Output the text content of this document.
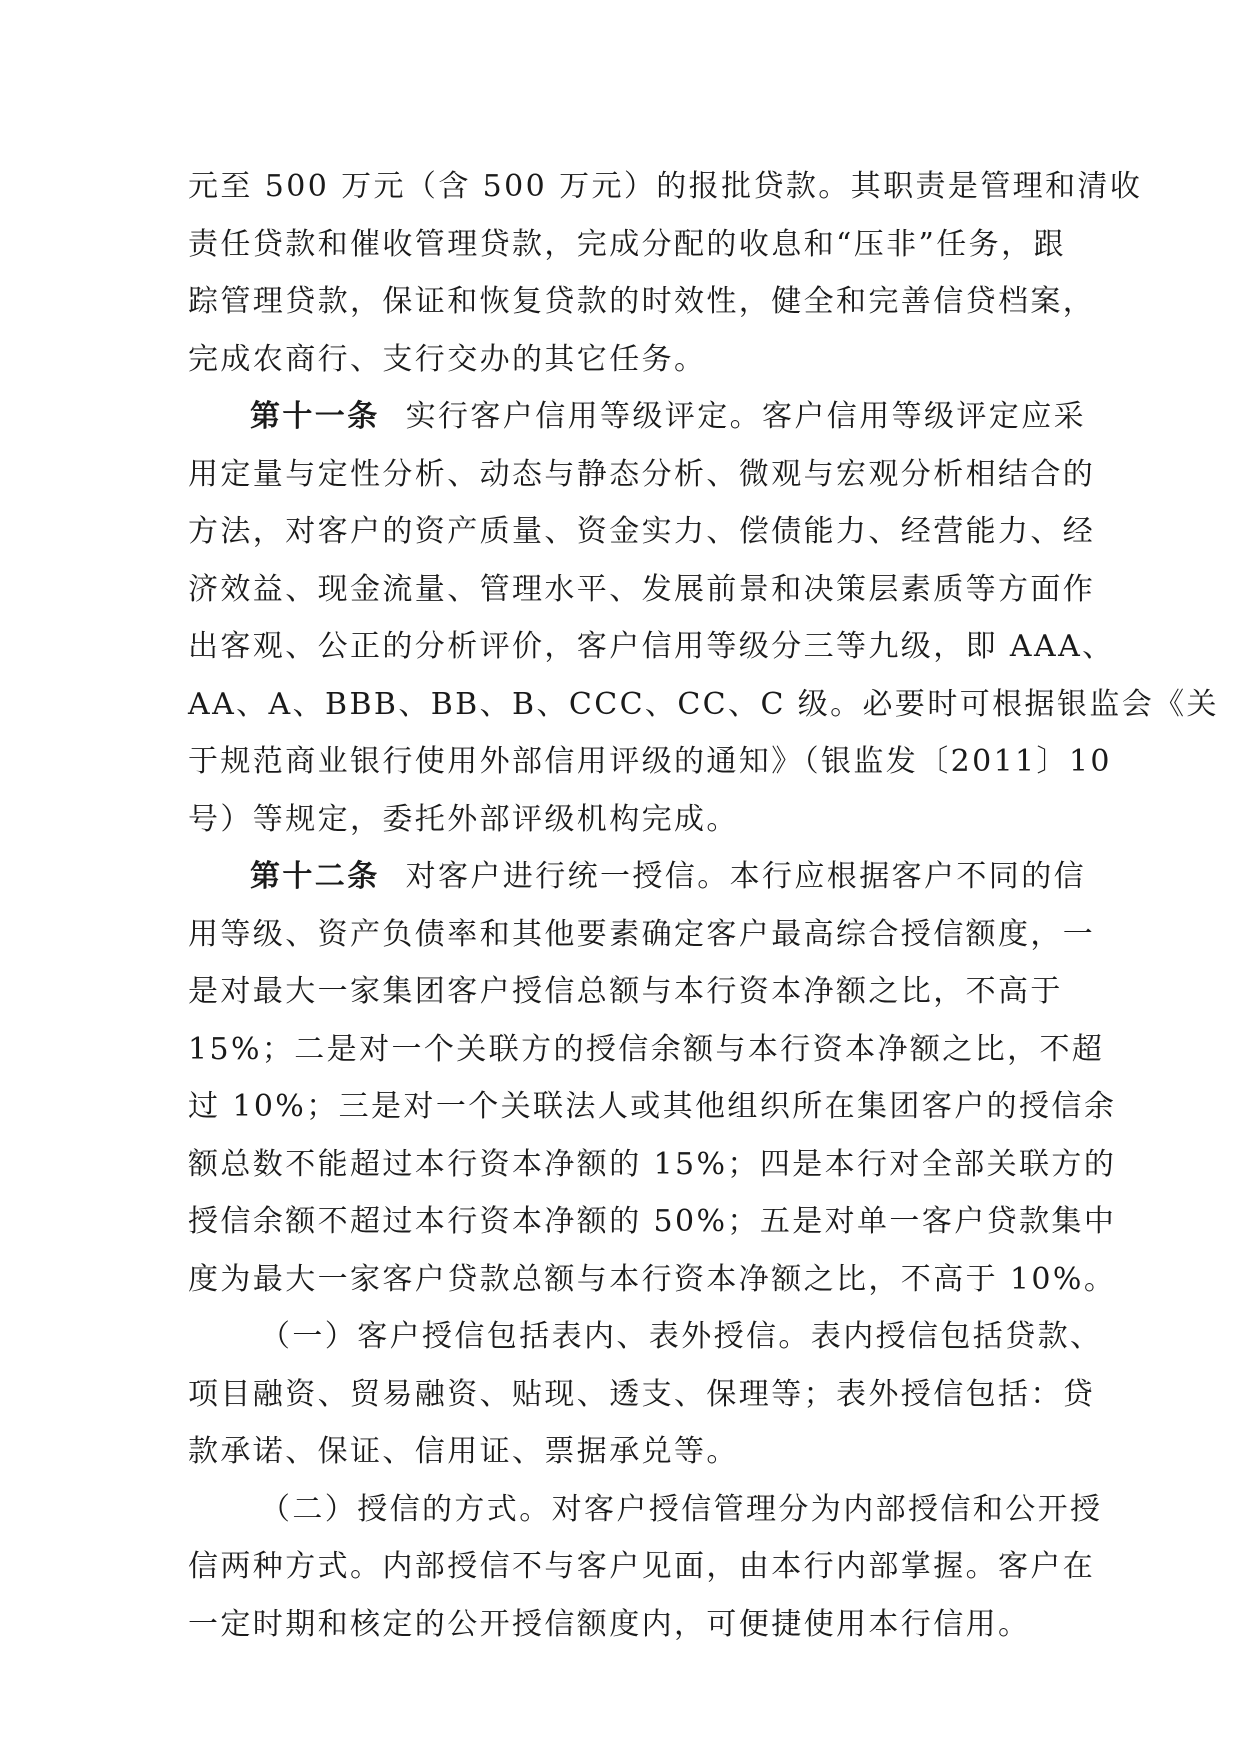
元至 500 万元（含 500 万元）的报批贷款。其职责是管理和清收
责任贷款和催收管理贷款，完成分配的收息和“压非”任务，跟
踪管理贷款，保证和恢复贷款的时效性，健全和完善信贷档案，
完成农商行、支行交办的其它任务。
第十一条 实行客户信用等级评定。客户信用等级评定应采
用定量与定性分析、动态与静态分析、微观与宏观分析相结合的
方法，对客户的资产质量、资金实力、偿债能力、经营能力、经
济效益、现金流量、管理水平、发展前景和决策层素质等方面作
出客观、公正的分析评价，客户信用等级分三等九级，即 AAA、
AA、A、BBB、BB、B、CCC、CC、C 级。必要时可根据银监会《关
于规范商业银行使用外部信用评级的通知》（银监发〔2011〕10
号）等规定，委托外部评级机构完成。
第十二条 对客户进行统一授信。本行应根据客户不同的信
用等级、资产负债率和其他要素确定客户最高综合授信额度，一
是对最大一家集团客户授信总额与本行资本净额之比，不高于
15%；二是对一个关联方的授信余额与本行资本净额之比，不超
过 10%；三是对一个关联法人或其他组织所在集团客户的授信余
额总数不能超过本行资本净额的 15%；四是本行对全部关联方的
授信余额不超过本行资本净额的 50%；五是对单一客户贷款集中
度为最大一家客户贷款总额与本行资本净额之比，不高于 10%。
（一）客户授信包括表内、表外授信。表内授信包括贷款、
项目融资、贸易融资、贴现、透支、保理等；表外授信包括：贷
款承诺、保证、信用证、票据承兑等。
（二）授信的方式。对客户授信管理分为内部授信和公开授
信两种方式。内部授信不与客户见面，由本行内部掌握。客户在
一定时期和核定的公开授信额度内，可便捷使用本行信用。
